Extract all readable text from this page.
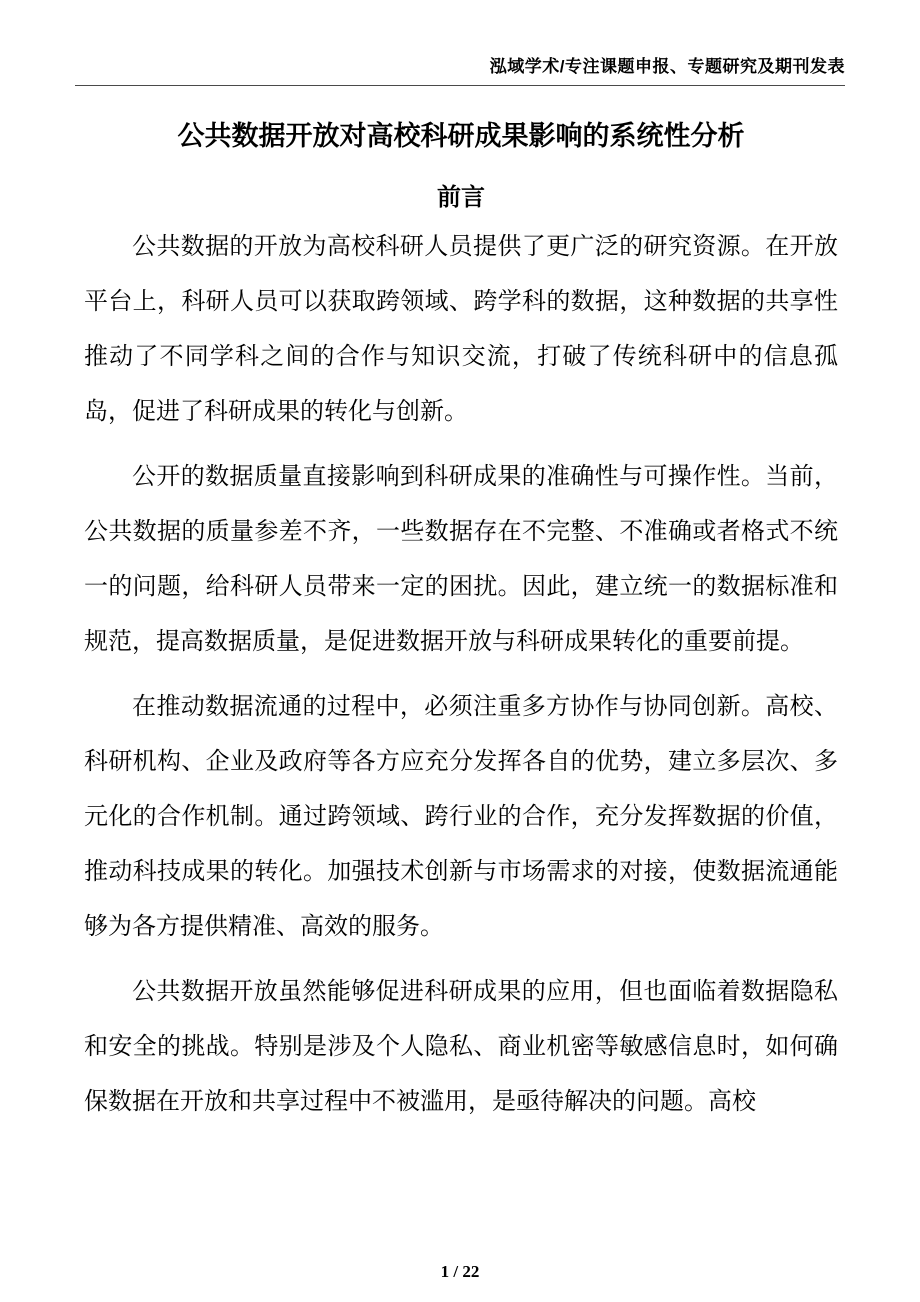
泓域学术/专注课题申报、专题研究及期刊发表
公共数据开放对高校科研成果影响的系统性分析
前言

公共数据的开放为高校科研人员提供了更广泛的研究资源。在开放平台上，科研人员可以获取跨领域、跨学科的数据，这种数据的共享性推动了不同学科之间的合作与知识交流，打破了传统科研中的信息孤岛，促进了科研成果的转化与创新。

公开的数据质量直接影响到科研成果的准确性与可操作性。当前，公共数据的质量参差不齐，一些数据存在不完整、不准确或者格式不统一的问题，给科研人员带来一定的困扰。因此，建立统一的数据标准和规范，提高数据质量，是促进数据开放与科研成果转化的重要前提。

在推动数据流通的过程中，必须注重多方协作与协同创新。高校、科研机构、企业及政府等各方应充分发挥各自的优势，建立多层次、多元化的合作机制。通过跨领域、跨行业的合作，充分发挥数据的价值，推动科技成果的转化。加强技术创新与市场需求的对接，使数据流通能够为各方提供精准、高效的服务。

公共数据开放虽然能够促进科研成果的应用，但也面临着数据隐私和安全的挑战。特别是涉及个人隐私、商业机密等敏感信息时，如何确保数据在开放和共享过程中不被滥用，是亟待解决的问题。高校

1 / 22
